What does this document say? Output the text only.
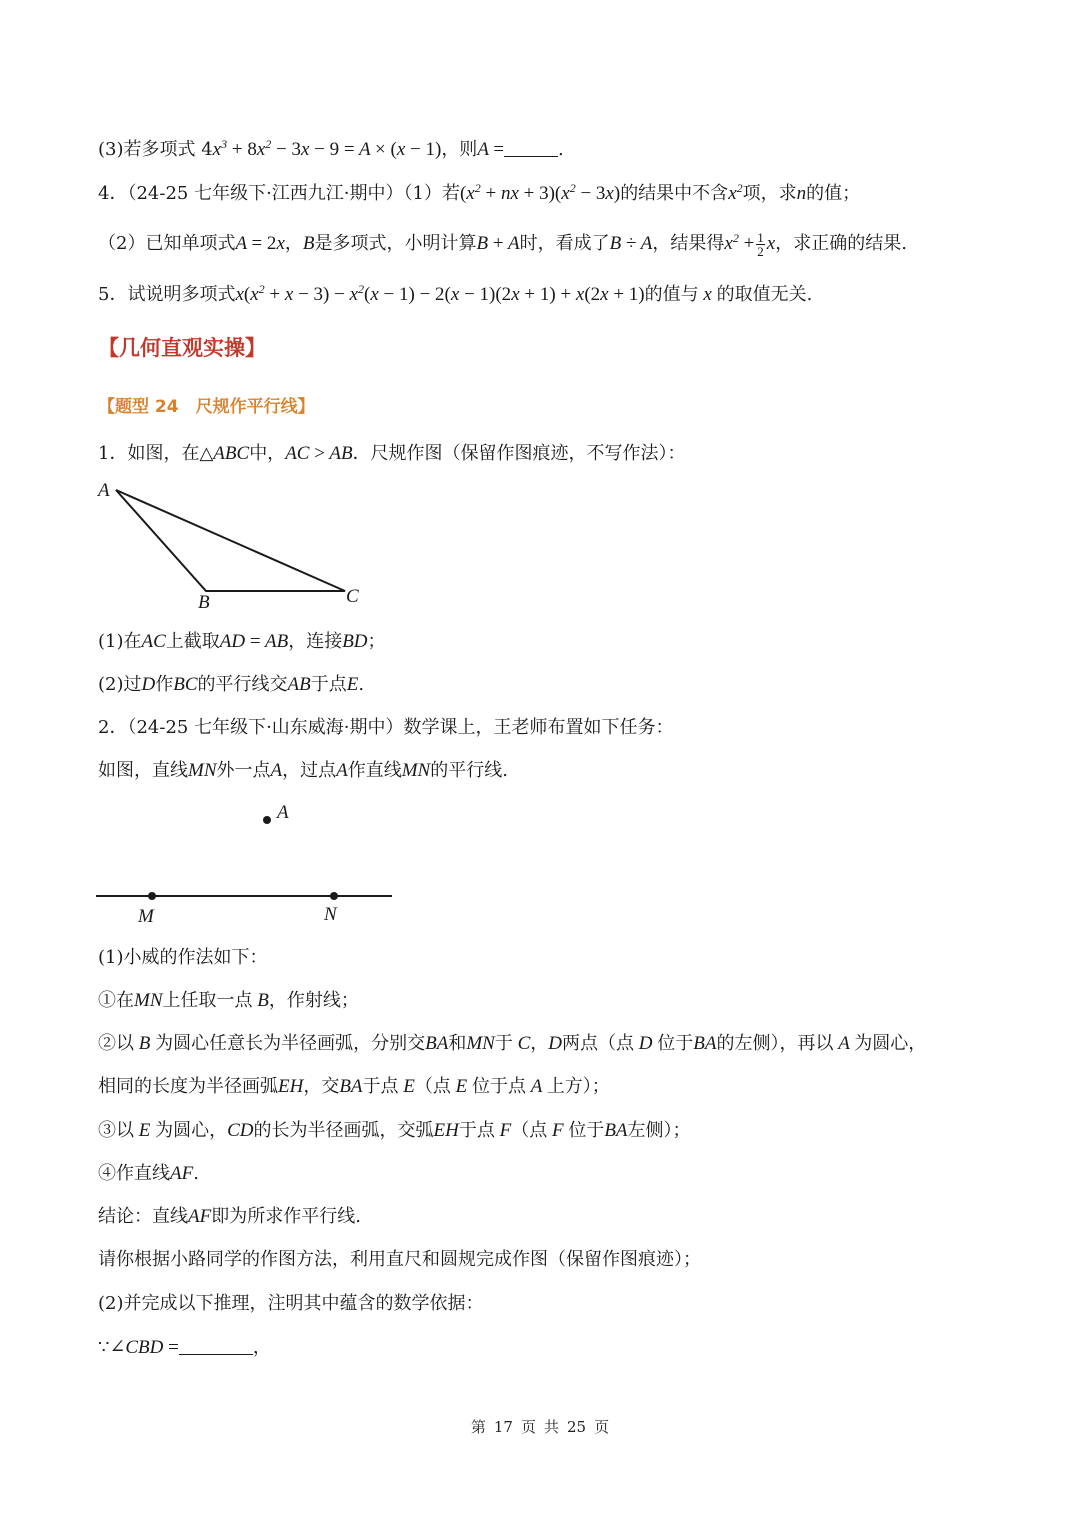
(3)若多项式 $4x^3 + 8x^2 - 3x - 9 = A \times (x - 1)$，则A =	.
4．（24-25 七年级下·江西九江·期中）（1）若($x^2$ + nx + $3)(x^2 - 3x)$的结果中不含$x^2$项，求n的值；
（2）已知单项式A = 2x，B是多项式，小明计算B + A时，看成了B ÷ A，结果得$x^2 + \frac{1}{2}$ x，求正确的结果.
5．试说明多项式$x(x^2 + x - 3) - x^2(x - 1) - 2(x - 1)(2x + 1) + x(2x + 1)$的值与 x 的取值无关.
【几何直观实操】
【题型 24　尺规作平行线】
1．如图，在△ABC中，AC > AB．尺规作图（保留作图痕迹，不写作法）：
A
B	C
(1)在AC上截取AD = AB，连接BD；
(2)过D作BC的平行线交AB于点E.
2．（24-25 七年级下·山东威海·期中）数学课上，王老师布置如下任务：
如图，直线MN外一点A，过点A作直线MN的平行线.
A
M	N
(1)小威的作法如下：
①在MN上任取一点 B，作射线；
②以 B 为圆心任意长为半径画弧，分别交BA和MN于 C，D两点（点 D 位于BA的左侧），再以 A 为圆心，
相同的长度为半径画弧EH，交BA于点 E（点 E 位于点 A 上方）；
③以 E 为圆心，CD的长为半径画弧，交弧EH于点 F（点 F 位于BA左侧）；
④作直线AF.
结论：直线AF即为所求作平行线.
请你根据小路同学的作图方法，利用直尺和圆规完成作图（保留作图痕迹）；
(2)并完成以下推理，注明其中蕴含的数学依据：
∵∠CBD =	，
第 17 页 共 25 页
